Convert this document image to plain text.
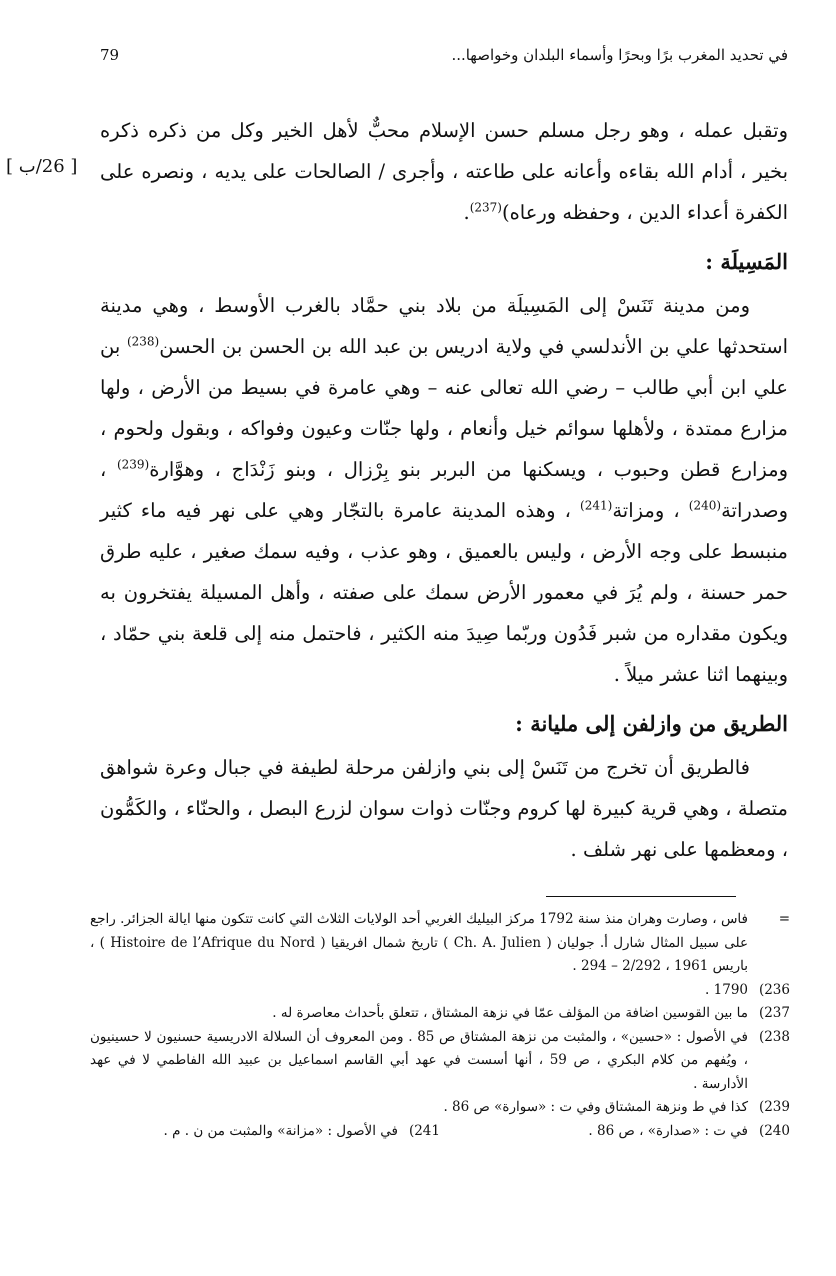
79	في تحديد المغرب برًا وبحرًا وأسماء البلدان وخواصها...
[ 26/ب ]

وتقبل عمله ، وهو رجل مسلم حسن الإسلام محبٌّ لأهل الخير وكل من ذكره ذكره بخير ، أدام الله بقاءه وأعانه على طاعته ، وأجرى / الصالحات على يديه ، ونصره على الكفرة أعداء الدين ، وحفظه ورعاه)$^{(237)}$.

المَسِيلَة :

ومن مدينة تَنَسْ إلى المَسِيلَة من بلاد بني حمَّاد بالغرب الأوسط ، وهي مدينة استحدثها علي بن الأندلسي في ولاية ادريس بن عبد الله بن الحسن بن الحسن$^{(238)}$ بن علي ابن أبي طالب – رضي الله تعالى عنه – وهي عامرة في بسيط من الأرض ، ولها مزارع ممتدة ، ولأهلها سوائم خيل وأنعام ، ولها جنّات وعيون وفواكه ، وبقول ولحوم ، ومزارع قطن وحبوب ، ويسكنها من البربر بنو بِرْزال ، وبنو زَنْدَاج ، وهوَّارة$^{(239)}$ ، وصدراتة$^{(240)}$ ، ومزاتة$^{(241)}$ ، وهذه المدينة عامرة بالتجّار وهي على نهر فيه ماء كثير منبسط على وجه الأرض ، وليس بالعميق ، وهو عذب ، وفيه سمك صغير ، عليه طرق حمر حسنة ، ولم يُرَ في معمور الأرض سمك على صفته ، وأهل المسيلة يفتخرون به ويكون مقداره من شبر فَدُون وربّما صِيدَ منه الكثير ، فاحتمل منه إلى قلعة بني حمّاد ، وبينهما اثنا عشر ميلاً .

الطريق من وازلفن إلى مليانة :

فالطريق أن تخرج من تَنَسْ إلى بني وازلفن مرحلة لطيفة في جبال وعرة شواهق متصلة ، وهي قرية كبيرة لها كروم وجنّات ذوات سوان لزرع البصل ، والحنّاء ، والكَمُّون ، ومعظمها على نهر شلف .

=
فاس ، وصارت وهران منذ سنة 1792 مركز البيليك الغربي أحد الولايات الثلاث التي كانت تتكون منها ايالة الجزائر. راجع على سبيل المثال شارل أ. جوليان ( Ch. A. Julien ) تاريخ شمال افريقيا ( Histoire de l’Afrique du Nord ) ، باريس 1961 ، 2/292 – 294 .
(236
1790 .
(237
ما بين القوسين اضافة من المؤلف عمّا في نزهة المشتاق ، تتعلق بأحداث معاصرة له .
(238
في الأصول : «حسين» ، والمثبت من نزهة المشتاق ص 85 . ومن المعروف أن السلالة الادريسية حسنيون لا حسينيون ، ويُفهم من كلام البكري ، ص 59 ، أنها أسست في عهد أبي القاسم اسماعيل بن عبيد الله الفاطمي لا في عهد الأدارسة .
(239
كذا في ط ونزهة المشتاق وفي ت : «سوارة» ص 86 .
(240
في ت : «صدارة» ، ص 86 .
(241
في الأصول : «مزانة» والمثبت من ن . م .
